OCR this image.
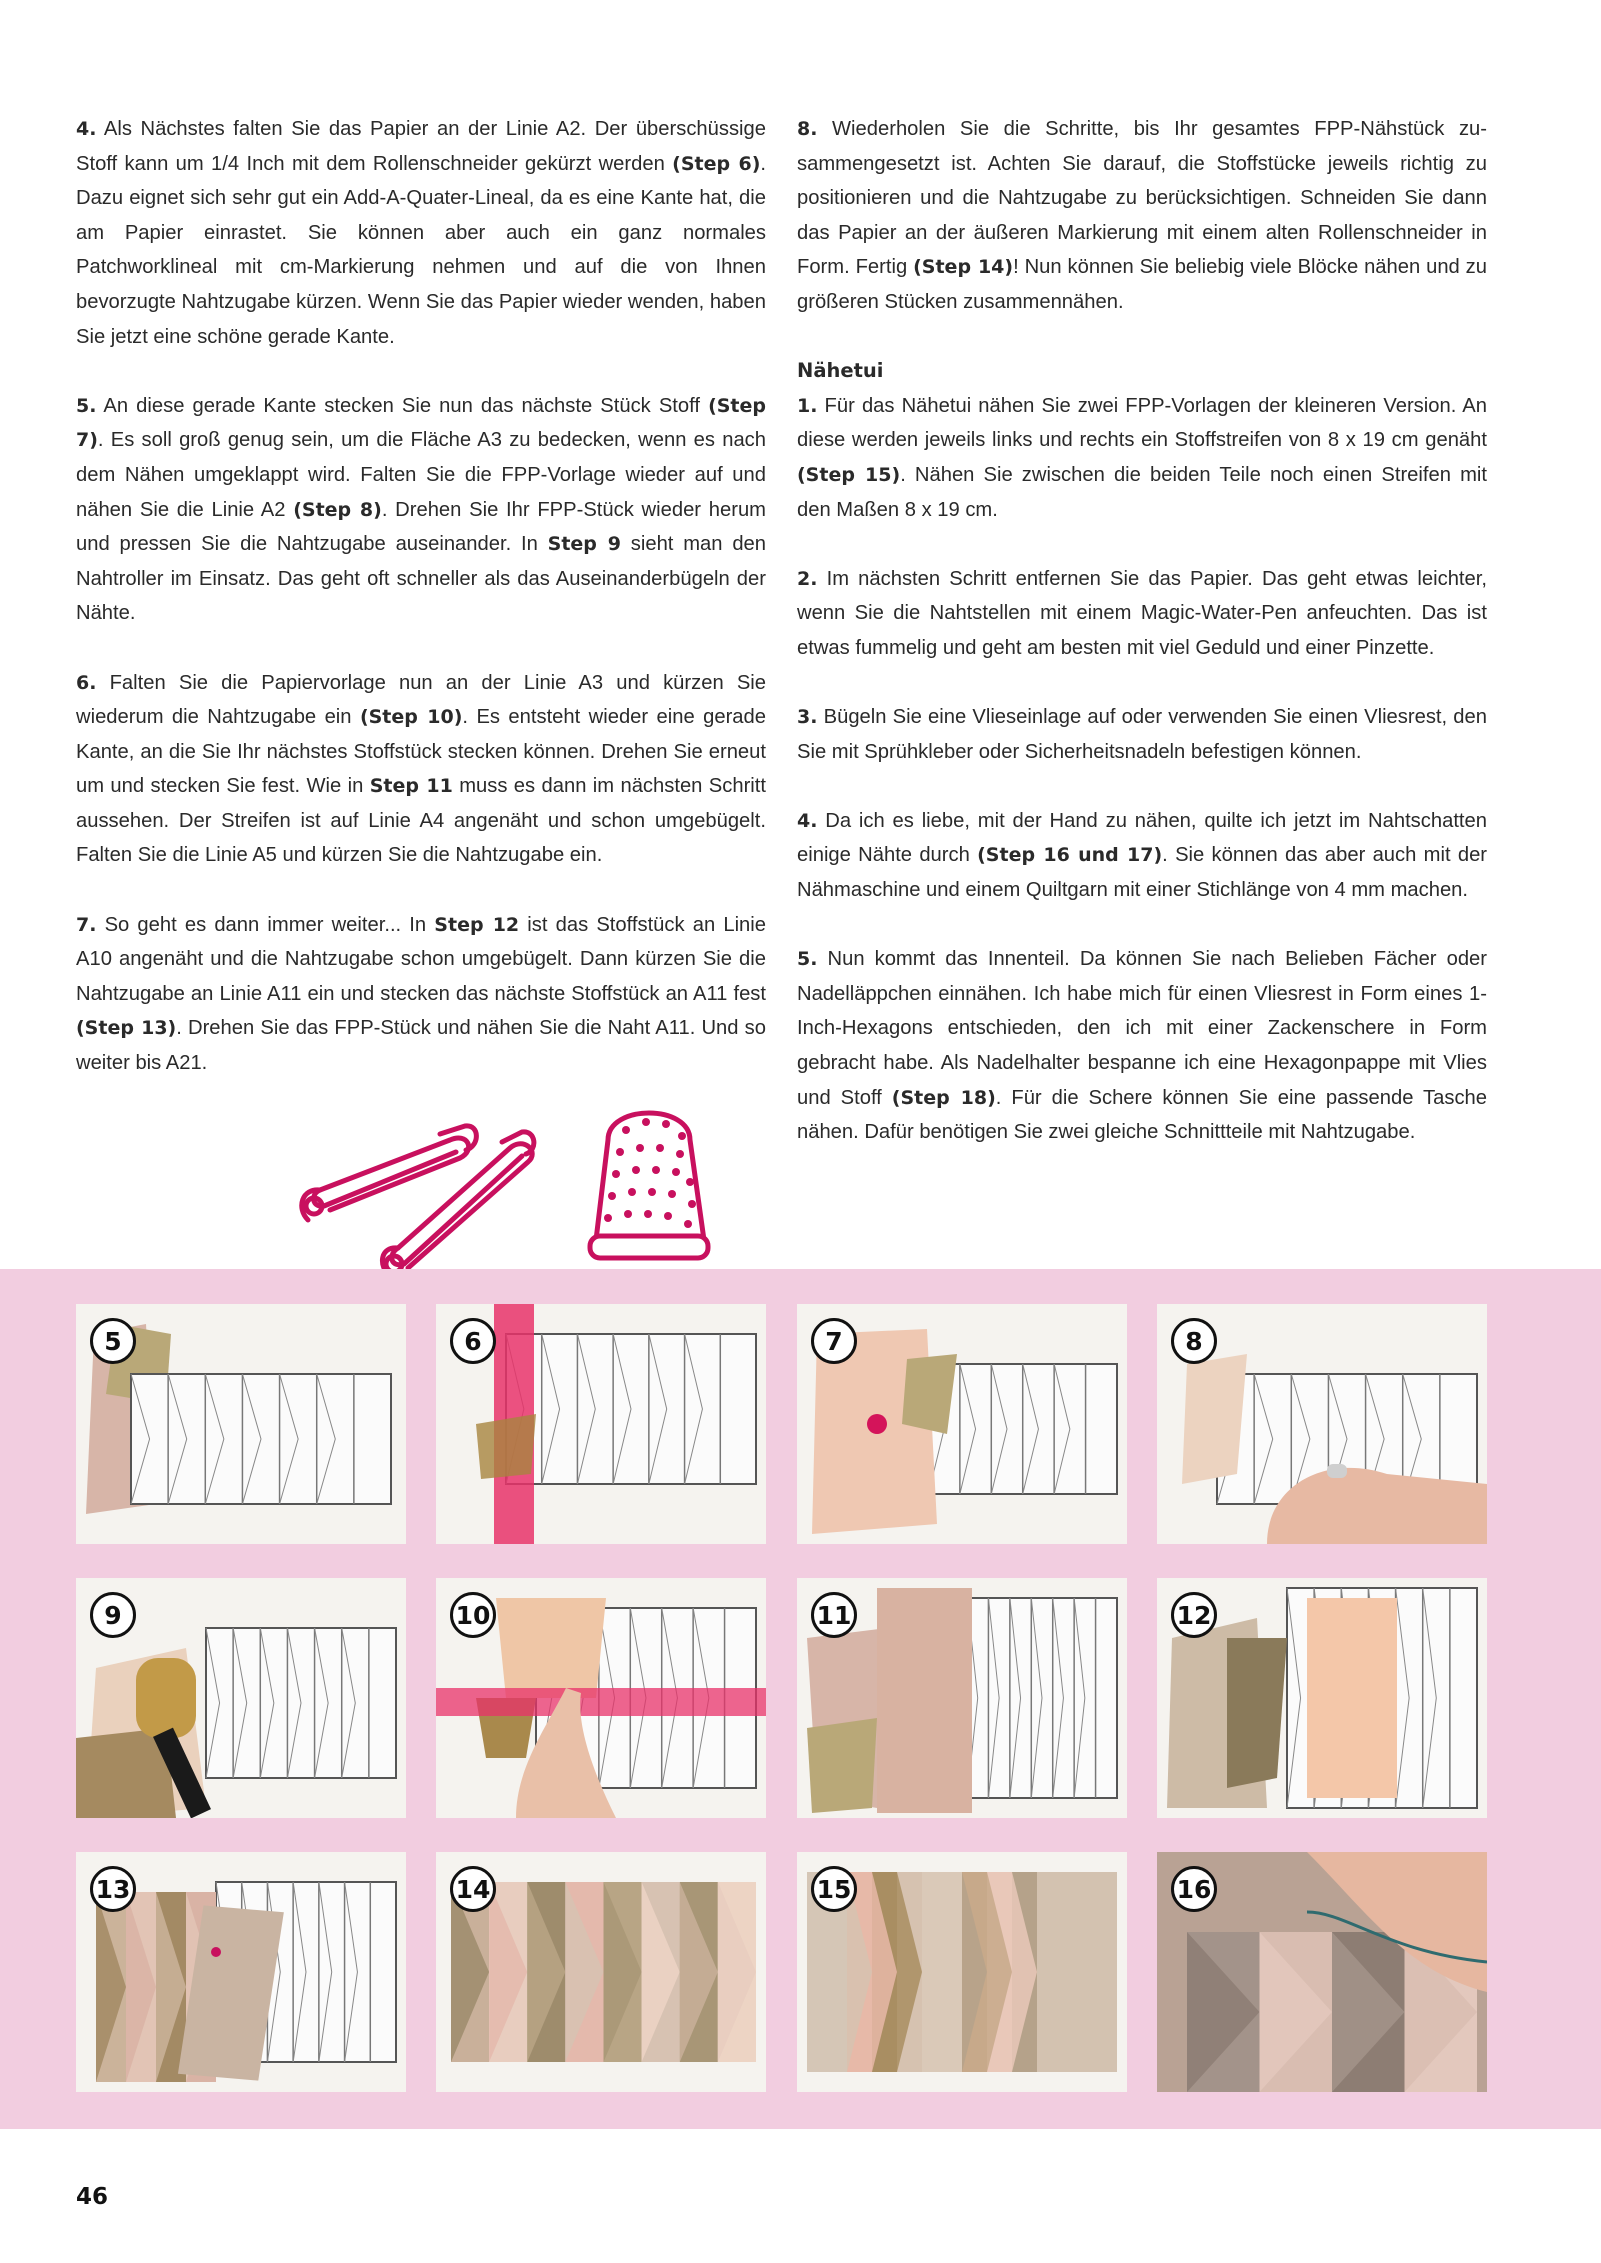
4. Als Nächstes falten Sie das Papier an der Linie A2. Der überschüssige Stoff kann um 1/4 Inch mit dem Rollenschneider gekürzt werden (Step 6). Dazu eignet sich sehr gut ein Add-A-Quater-Lineal, da es eine Kante hat, die am Papier einrastet. Sie können aber auch ein ganz normales Patchworklineal mit cm-Markierung nehmen und auf die von Ihnen bevorzugte Nahtzugabe kürzen. Wenn Sie das Papier wieder wenden, haben Sie jetzt eine schöne gerade Kante.
5. An diese gerade Kante stecken Sie nun das nächste Stück Stoff (Step 7). Es soll groß genug sein, um die Fläche A3 zu bedecken, wenn es nach dem Nähen umgeklappt wird. Falten Sie die FPP-Vorlage wieder auf und nähen Sie die Linie A2 (Step 8). Drehen Sie Ihr FPP-Stück wieder herum und pressen Sie die Nahtzugabe auseinander. In Step 9 sieht man den Nahtroller im Einsatz. Das geht oft schneller als das Auseinanderbügeln der Nähte.
6. Falten Sie die Papiervorlage nun an der Linie A3 und kürzen Sie wiederum die Nahtzugabe ein (Step 10). Es entsteht wieder eine gerade Kante, an die Sie Ihr nächstes Stoffstück stecken können. Drehen Sie erneut um und stecken Sie fest. Wie in Step 11 muss es dann im nächsten Schritt aussehen. Der Streifen ist auf Linie A4 angenäht und schon umgebügelt. Falten Sie die Linie A5 und kürzen Sie die Nahtzugabe ein.
7. So geht es dann immer weiter... In Step 12 ist das Stoffstück an Linie A10 angenäht und die Nahtzugabe schon umgebügelt. Dann kürzen Sie die Nahtzugabe an Linie A11 ein und stecken das nächste Stoffstück an A11 fest (Step 13). Drehen Sie das FPP-Stück und nähen Sie die Naht A11. Und so weiter bis A21.
8. Wiederholen Sie die Schritte, bis Ihr gesamtes FPP-Nähstück zusammengesetzt ist. Achten Sie darauf, die Stoffstücke jeweils richtig zu positionieren und die Nahtzugabe zu berücksichtigen. Schneiden Sie dann das Papier an der äußeren Markierung mit einem alten Rollenschneider in Form. Fertig (Step 14)! Nun können Sie beliebig viele Blöcke nähen und zu größeren Stücken zusammennähen.
Nähetui
1. Für das Nähetui nähen Sie zwei FPP-Vorlagen der kleineren Version. An diese werden jeweils links und rechts ein Stoffstreifen von 8 x 19 cm genäht (Step 15). Nähen Sie zwischen die beiden Teile noch einen Streifen mit den Maßen 8 x 19 cm.
2. Im nächsten Schritt entfernen Sie das Papier. Das geht etwas leichter, wenn Sie die Nahtstellen mit einem Magic-Water-Pen anfeuchten. Das ist etwas fummelig und geht am besten mit viel Geduld und einer Pinzette.
3. Bügeln Sie eine Vlieseinlage auf oder verwenden Sie einen Vliesrest, den Sie mit Sprühkleber oder Sicherheitsnadeln befestigen können.
4. Da ich es liebe, mit der Hand zu nähen, quilte ich jetzt im Nahtschatten einige Nähte durch (Step 16 und 17). Sie können das aber auch mit der Nähmaschine und einem Quiltgarn mit einer Stichlänge von 4 mm machen.
5. Nun kommt das Innenteil. Da können Sie nach Belieben Fächer oder Nadelläppchen einnähen. Ich habe mich für einen Vliesrest in Form eines 1-Inch-Hexagons entschieden, den ich mit einer Zackenschere in Form gebracht habe. Als Nadelhalter bespanne ich eine Hexagonpappe mit Vlies und Stoff (Step 18). Für die Schere können Sie eine passende Tasche nähen. Dafür benötigen Sie zwei gleiche Schnittteile mit Nahtzugabe.
5	6	7	8
9	10	11	12
13	14	15	16
46
